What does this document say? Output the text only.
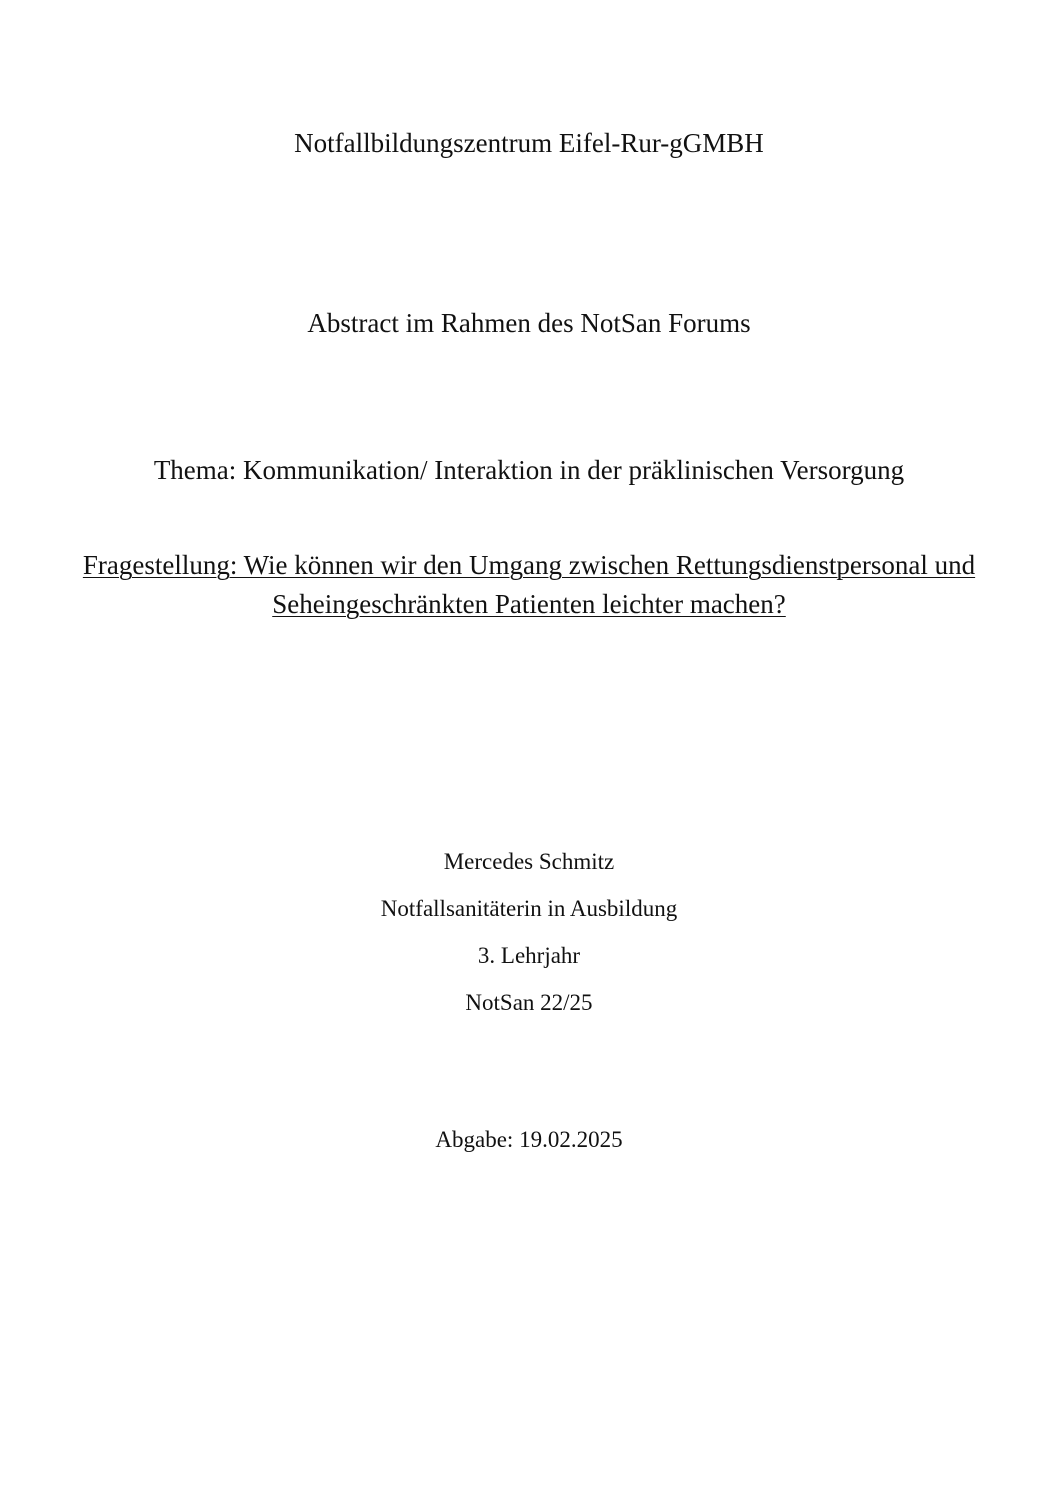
Notfallbildungszentrum Eifel-Rur-gGMBH
Abstract im Rahmen des NotSan Forums
Thema: Kommunikation/ Interaktion in der präklinischen Versorgung
Fragestellung: Wie können wir den Umgang zwischen Rettungsdienstpersonal und Seheingeschränkten Patienten leichter machen?
Mercedes Schmitz
Notfallsanitäterin in Ausbildung
3. Lehrjahr
NotSan 22/25
Abgabe: 19.02.2025
